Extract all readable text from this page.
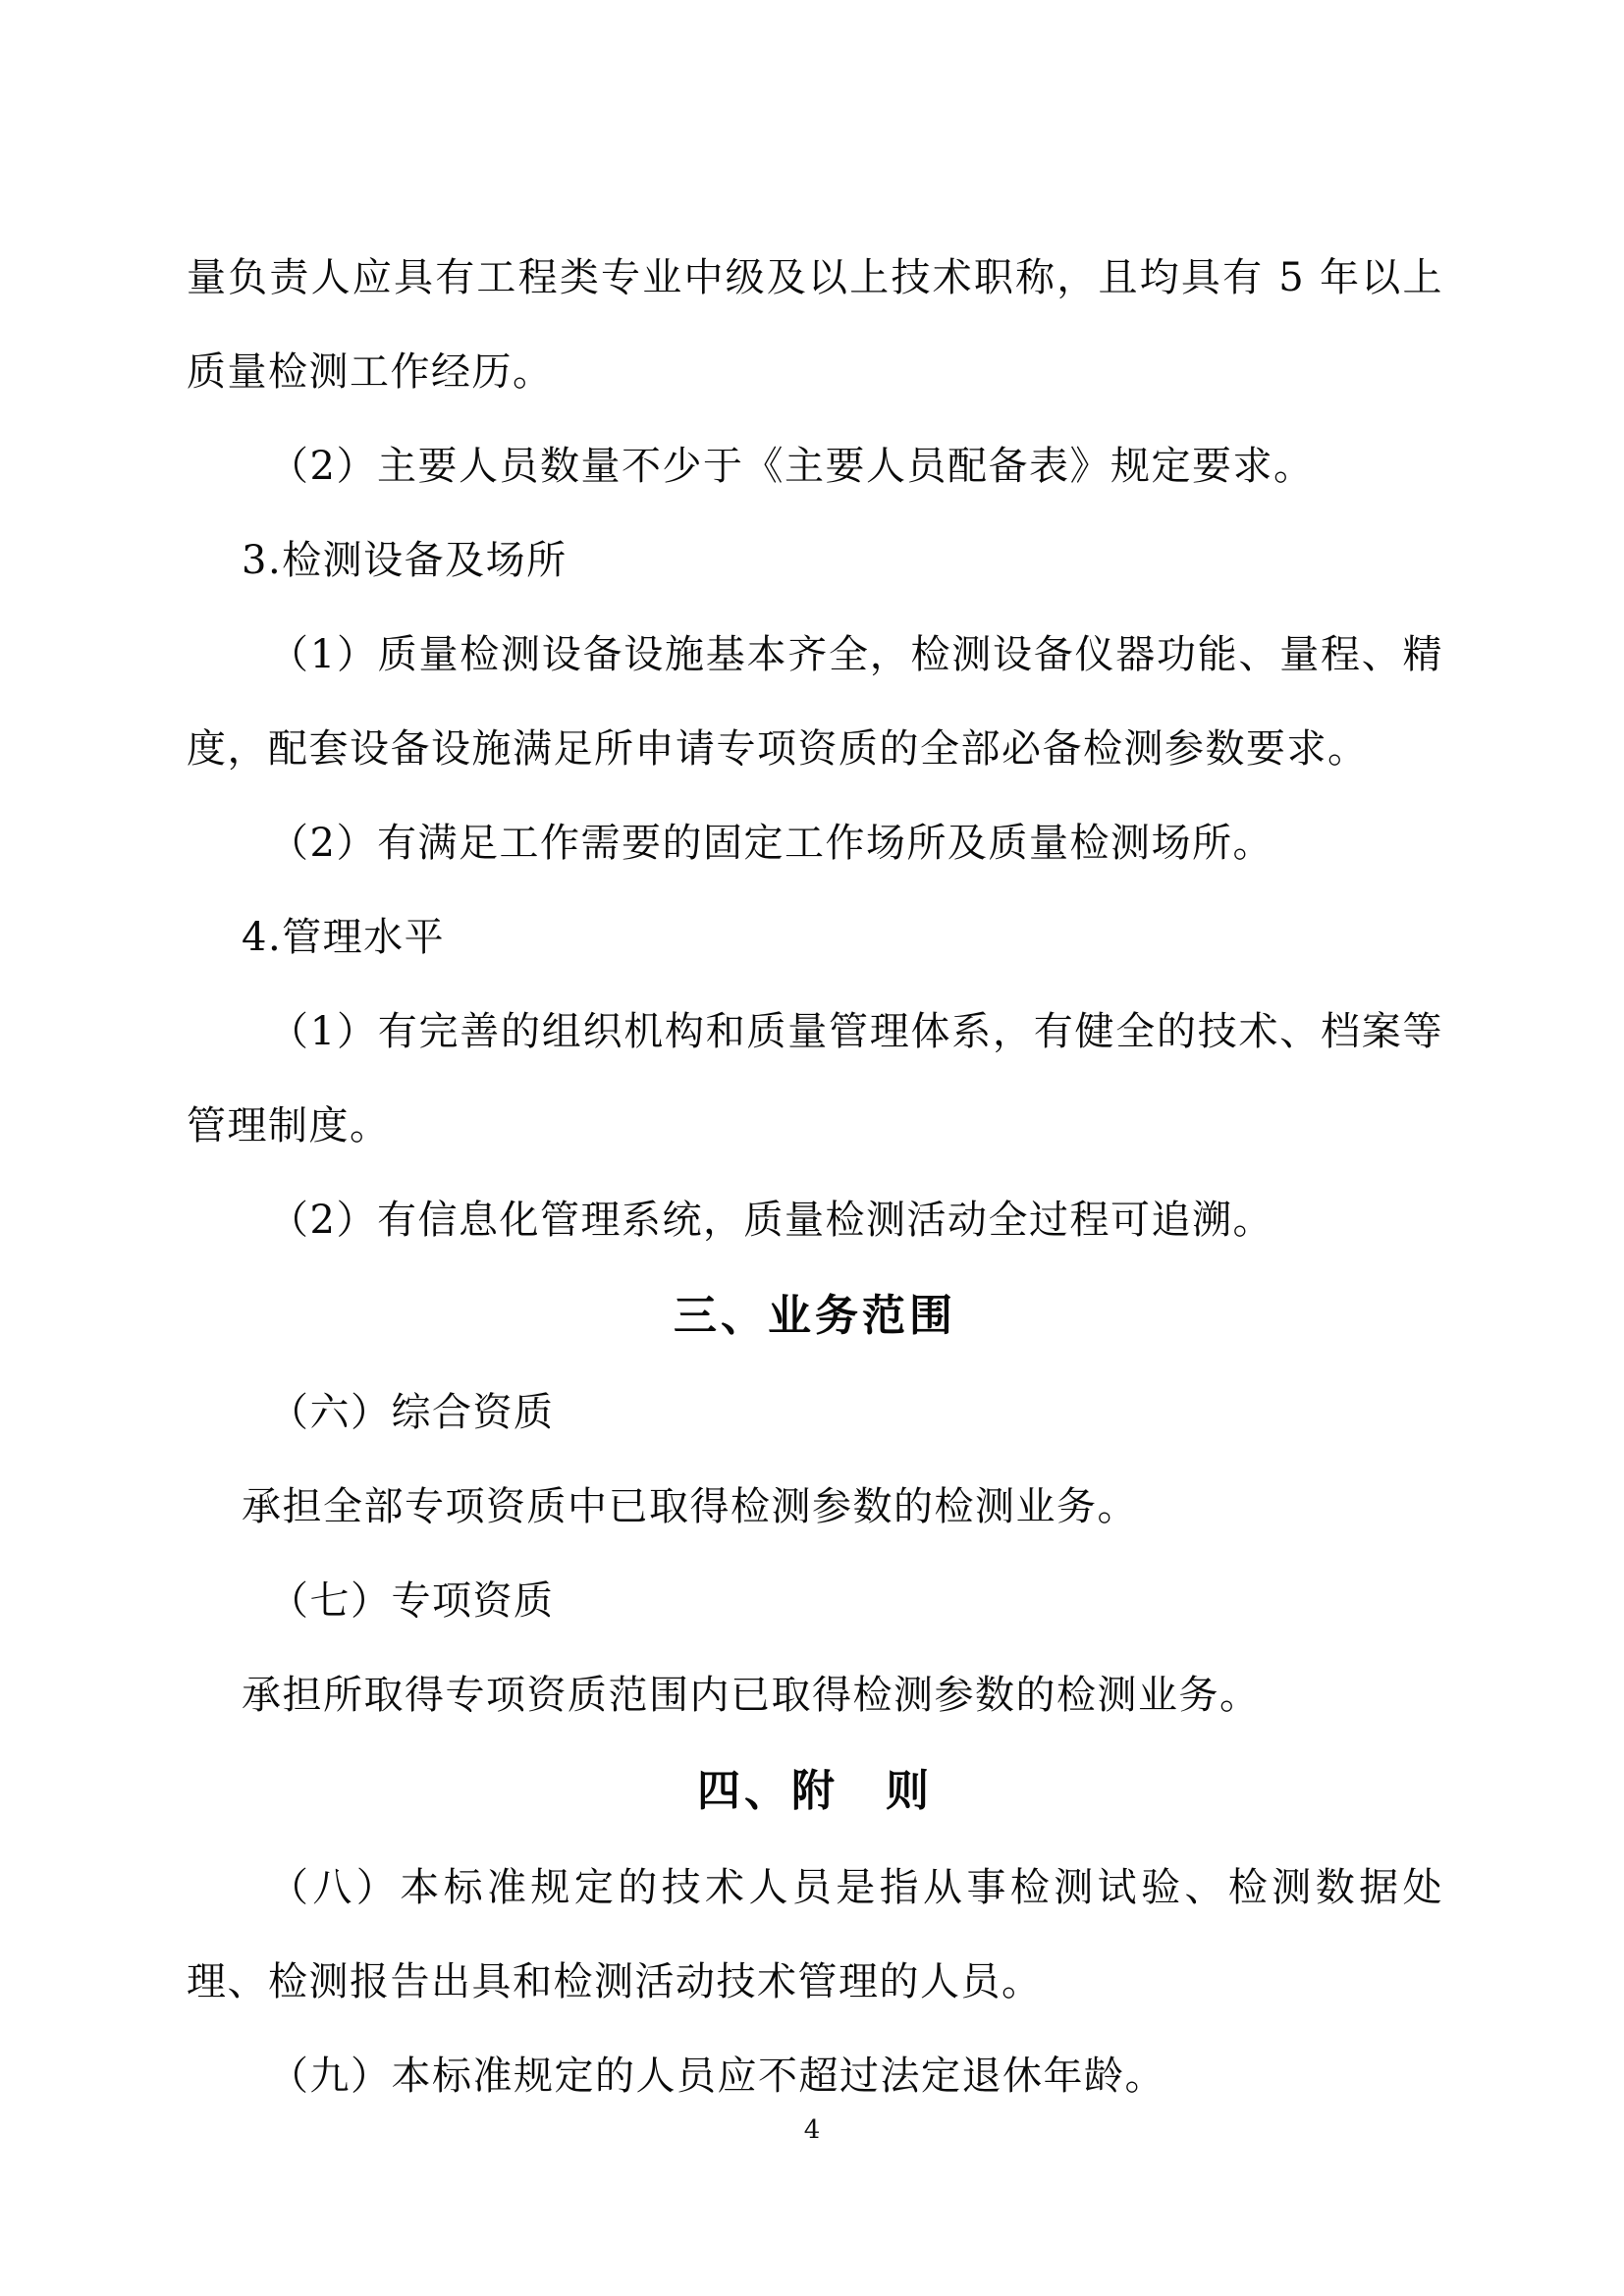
量负责人应具有工程类专业中级及以上技术职称，且均具有 5 年以上质量检测工作经历。

（2）主要人员数量不少于《主要人员配备表》规定要求。

3.检测设备及场所

（1）质量检测设备设施基本齐全，检测设备仪器功能、量程、精度，配套设备设施满足所申请专项资质的全部必备检测参数要求。

（2）有满足工作需要的固定工作场所及质量检测场所。

4.管理水平

（1）有完善的组织机构和质量管理体系，有健全的技术、档案等管理制度。

（2）有信息化管理系统，质量检测活动全过程可追溯。

三、业务范围

（六）综合资质

承担全部专项资质中已取得检测参数的检测业务。

（七）专项资质

承担所取得专项资质范围内已取得检测参数的检测业务。

四、附　则

（八）本标准规定的技术人员是指从事检测试验、检测数据处理、检测报告出具和检测活动技术管理的人员。

（九）本标准规定的人员应不超过法定退休年龄。

4
